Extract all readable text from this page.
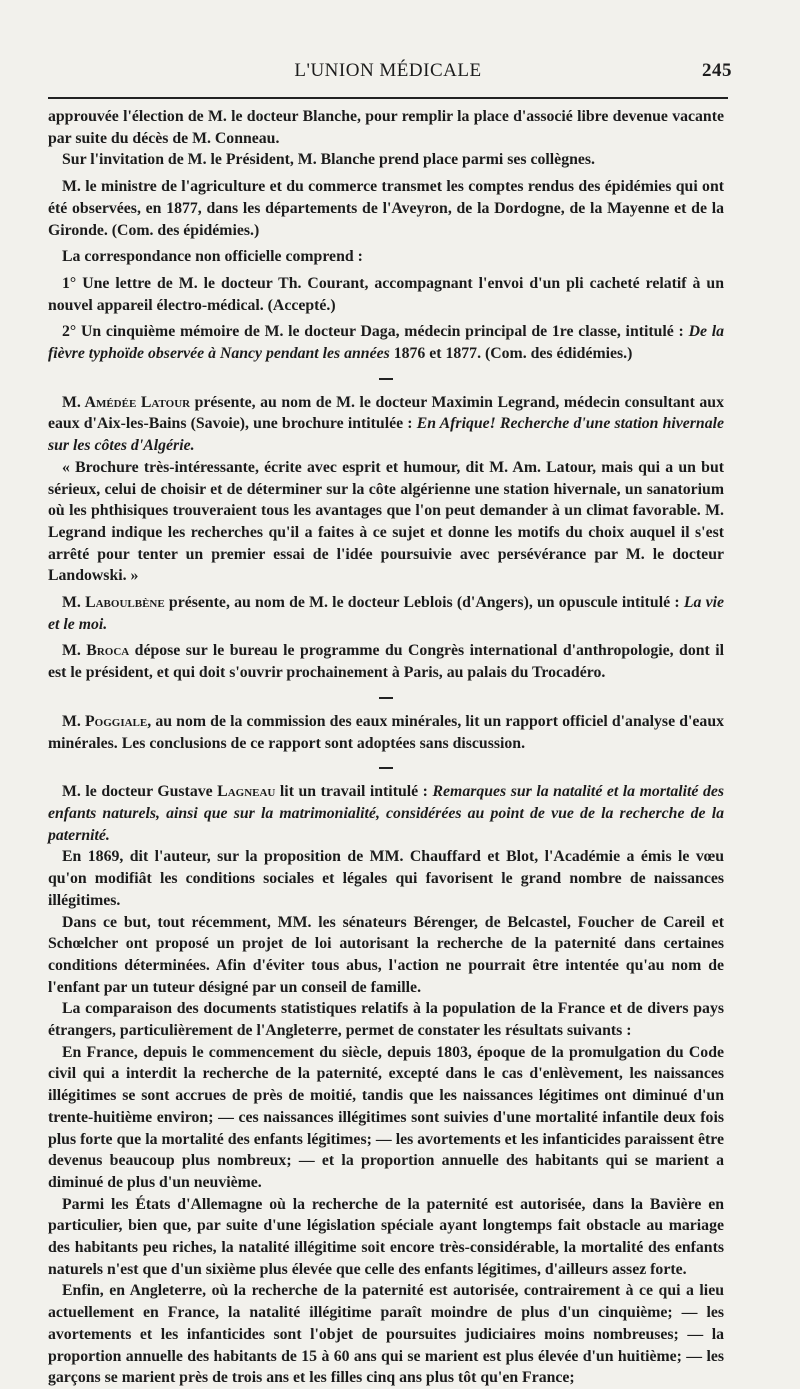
L'UNION MÉDICALE	245

approuvée l'élection de M. le docteur Blanche, pour remplir la place d'associé libre devenue vacante par suite du décès de M. Conneau.

Sur l'invitation de M. le Président, M. Blanche prend place parmi ses collègnes.

M. le ministre de l'agriculture et du commerce transmet les comptes rendus des épidémies qui ont été observées, en 1877, dans les départements de l'Aveyron, de la Dordogne, de la Mayenne et de la Gironde. (Com. des épidémies.)

La correspondance non officielle comprend :

1° Une lettre de M. le docteur Th. Courant, accompagnant l'envoi d'un pli cacheté relatif à un nouvel appareil électro-médical. (Accepté.)

2° Un cinquième mémoire de M. le docteur Daga, médecin principal de 1re classe, intitulé : De la fièvre typhoïde observée à Nancy pendant les années 1876 et 1877. (Com. des édidémies.)

M. Amédée Latour présente, au nom de M. le docteur Maximin Legrand, médecin consultant aux eaux d'Aix-les-Bains (Savoie), une brochure intitulée : En Afrique! Recherche d'une station hivernale sur les côtes d'Algérie.

« Brochure très-intéressante, écrite avec esprit et humour, dit M. Am. Latour, mais qui a un but sérieux, celui de choisir et de déterminer sur la côte algérienne une station hivernale, un sanatorium où les phthisiques trouveraient tous les avantages que l'on peut demander à un climat favorable. M. Legrand indique les recherches qu'il a faites à ce sujet et donne les motifs du choix auquel il s'est arrêté pour tenter un premier essai de l'idée poursuivie avec persévérance par M. le docteur Landowski. »

M. Laboulbène présente, au nom de M. le docteur Leblois (d'Angers), un opuscule intitulé : La vie et le moi.

M. Broca dépose sur le bureau le programme du Congrès international d'anthropologie, dont il est le président, et qui doit s'ouvrir prochainement à Paris, au palais du Trocadéro.

M. Poggiale, au nom de la commission des eaux minérales, lit un rapport officiel d'analyse d'eaux minérales. Les conclusions de ce rapport sont adoptées sans discussion.

M. le docteur Gustave Lagneau lit un travail intitulé : Remarques sur la natalité et la mortalité des enfants naturels, ainsi que sur la matrimonialité, considérées au point de vue de la recherche de la paternité.

En 1869, dit l'auteur, sur la proposition de MM. Chauffard et Blot, l'Académie a émis le vœu qu'on modifiât les conditions sociales et légales qui favorisent le grand nombre de naissances illégitimes.

Dans ce but, tout récemment, MM. les sénateurs Bérenger, de Belcastel, Foucher de Careil et Schœlcher ont proposé un projet de loi autorisant la recherche de la paternité dans certaines conditions déterminées. Afin d'éviter tous abus, l'action ne pourrait être intentée qu'au nom de l'enfant par un tuteur désigné par un conseil de famille.

La comparaison des documents statistiques relatifs à la population de la France et de divers pays étrangers, particulièrement de l'Angleterre, permet de constater les résultats suivants :

En France, depuis le commencement du siècle, depuis 1803, époque de la promulgation du Code civil qui a interdit la recherche de la paternité, excepté dans le cas d'enlèvement, les naissances illégitimes se sont accrues de près de moitié, tandis que les naissances légitimes ont diminué d'un trente-huitième environ; — ces naissances illégitimes sont suivies d'une mortalité infantile deux fois plus forte que la mortalité des enfants légitimes; — les avortements et les infanticides paraissent être devenus beaucoup plus nombreux; — et la proportion annuelle des habitants qui se marient a diminué de plus d'un neuvième.

Parmi les États d'Allemagne où la recherche de la paternité est autorisée, dans la Bavière en particulier, bien que, par suite d'une législation spéciale ayant longtemps fait obstacle au mariage des habitants peu riches, la natalité illégitime soit encore très-considérable, la mortalité des enfants naturels n'est que d'un sixième plus élevée que celle des enfants légitimes, d'ailleurs assez forte.

Enfin, en Angleterre, où la recherche de la paternité est autorisée, contrairement à ce qui a lieu actuellement en France, la natalité illégitime paraît moindre de plus d'un cinquième; — les avortements et les infanticides sont l'objet de poursuites judiciaires moins nombreuses; — la proportion annuelle des habitants de 15 à 60 ans qui se marient est plus élevée d'un huitième; — les garçons se marient près de trois ans et les filles cinq ans plus tôt qu'en France;
